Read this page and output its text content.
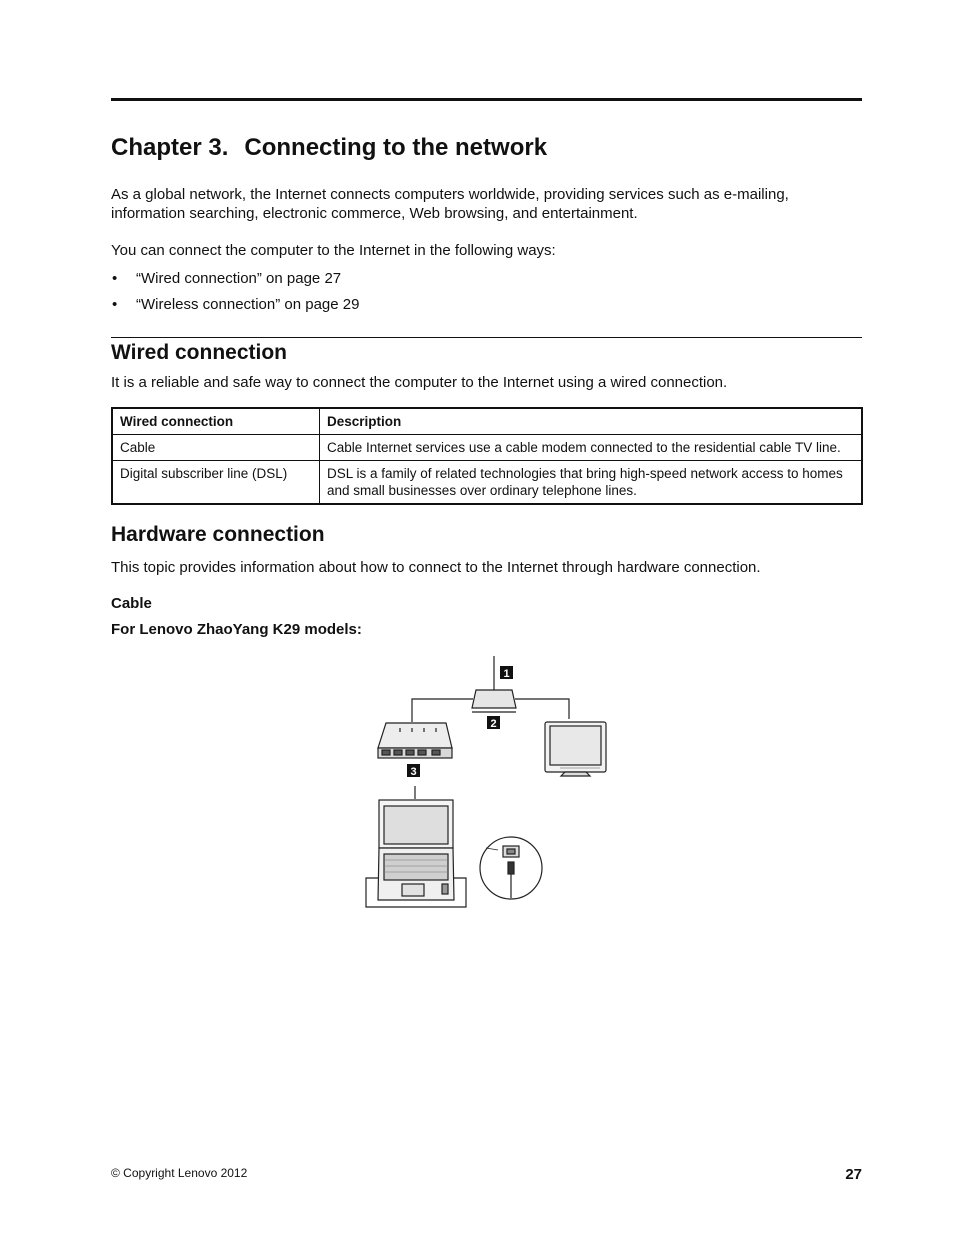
Chapter 3. Connecting to the network

As a global network, the Internet connects computers worldwide, providing services such as e-mailing, information searching, electronic commerce, Web browsing, and entertainment.

You can connect the computer to the Internet in the following ways:

• “Wired connection” on page 27
• “Wireless connection” on page 29
Wired connection

It is a reliable and safe way to connect the computer to the Internet using a wired connection.

Wired connection	Description
Cable	Cable Internet services use a cable modem connected to the residential cable TV line.
Digital subscriber line (DSL)	DSL is a family of related technologies that bring high-speed network access to homes and small businesses over ordinary telephone lines.
Hardware connection

This topic provides information about how to connect to the Internet through hardware connection.

Cable
For Lenovo ZhaoYang K29 models:
1
2
3
© Copyright Lenovo 2012	27
